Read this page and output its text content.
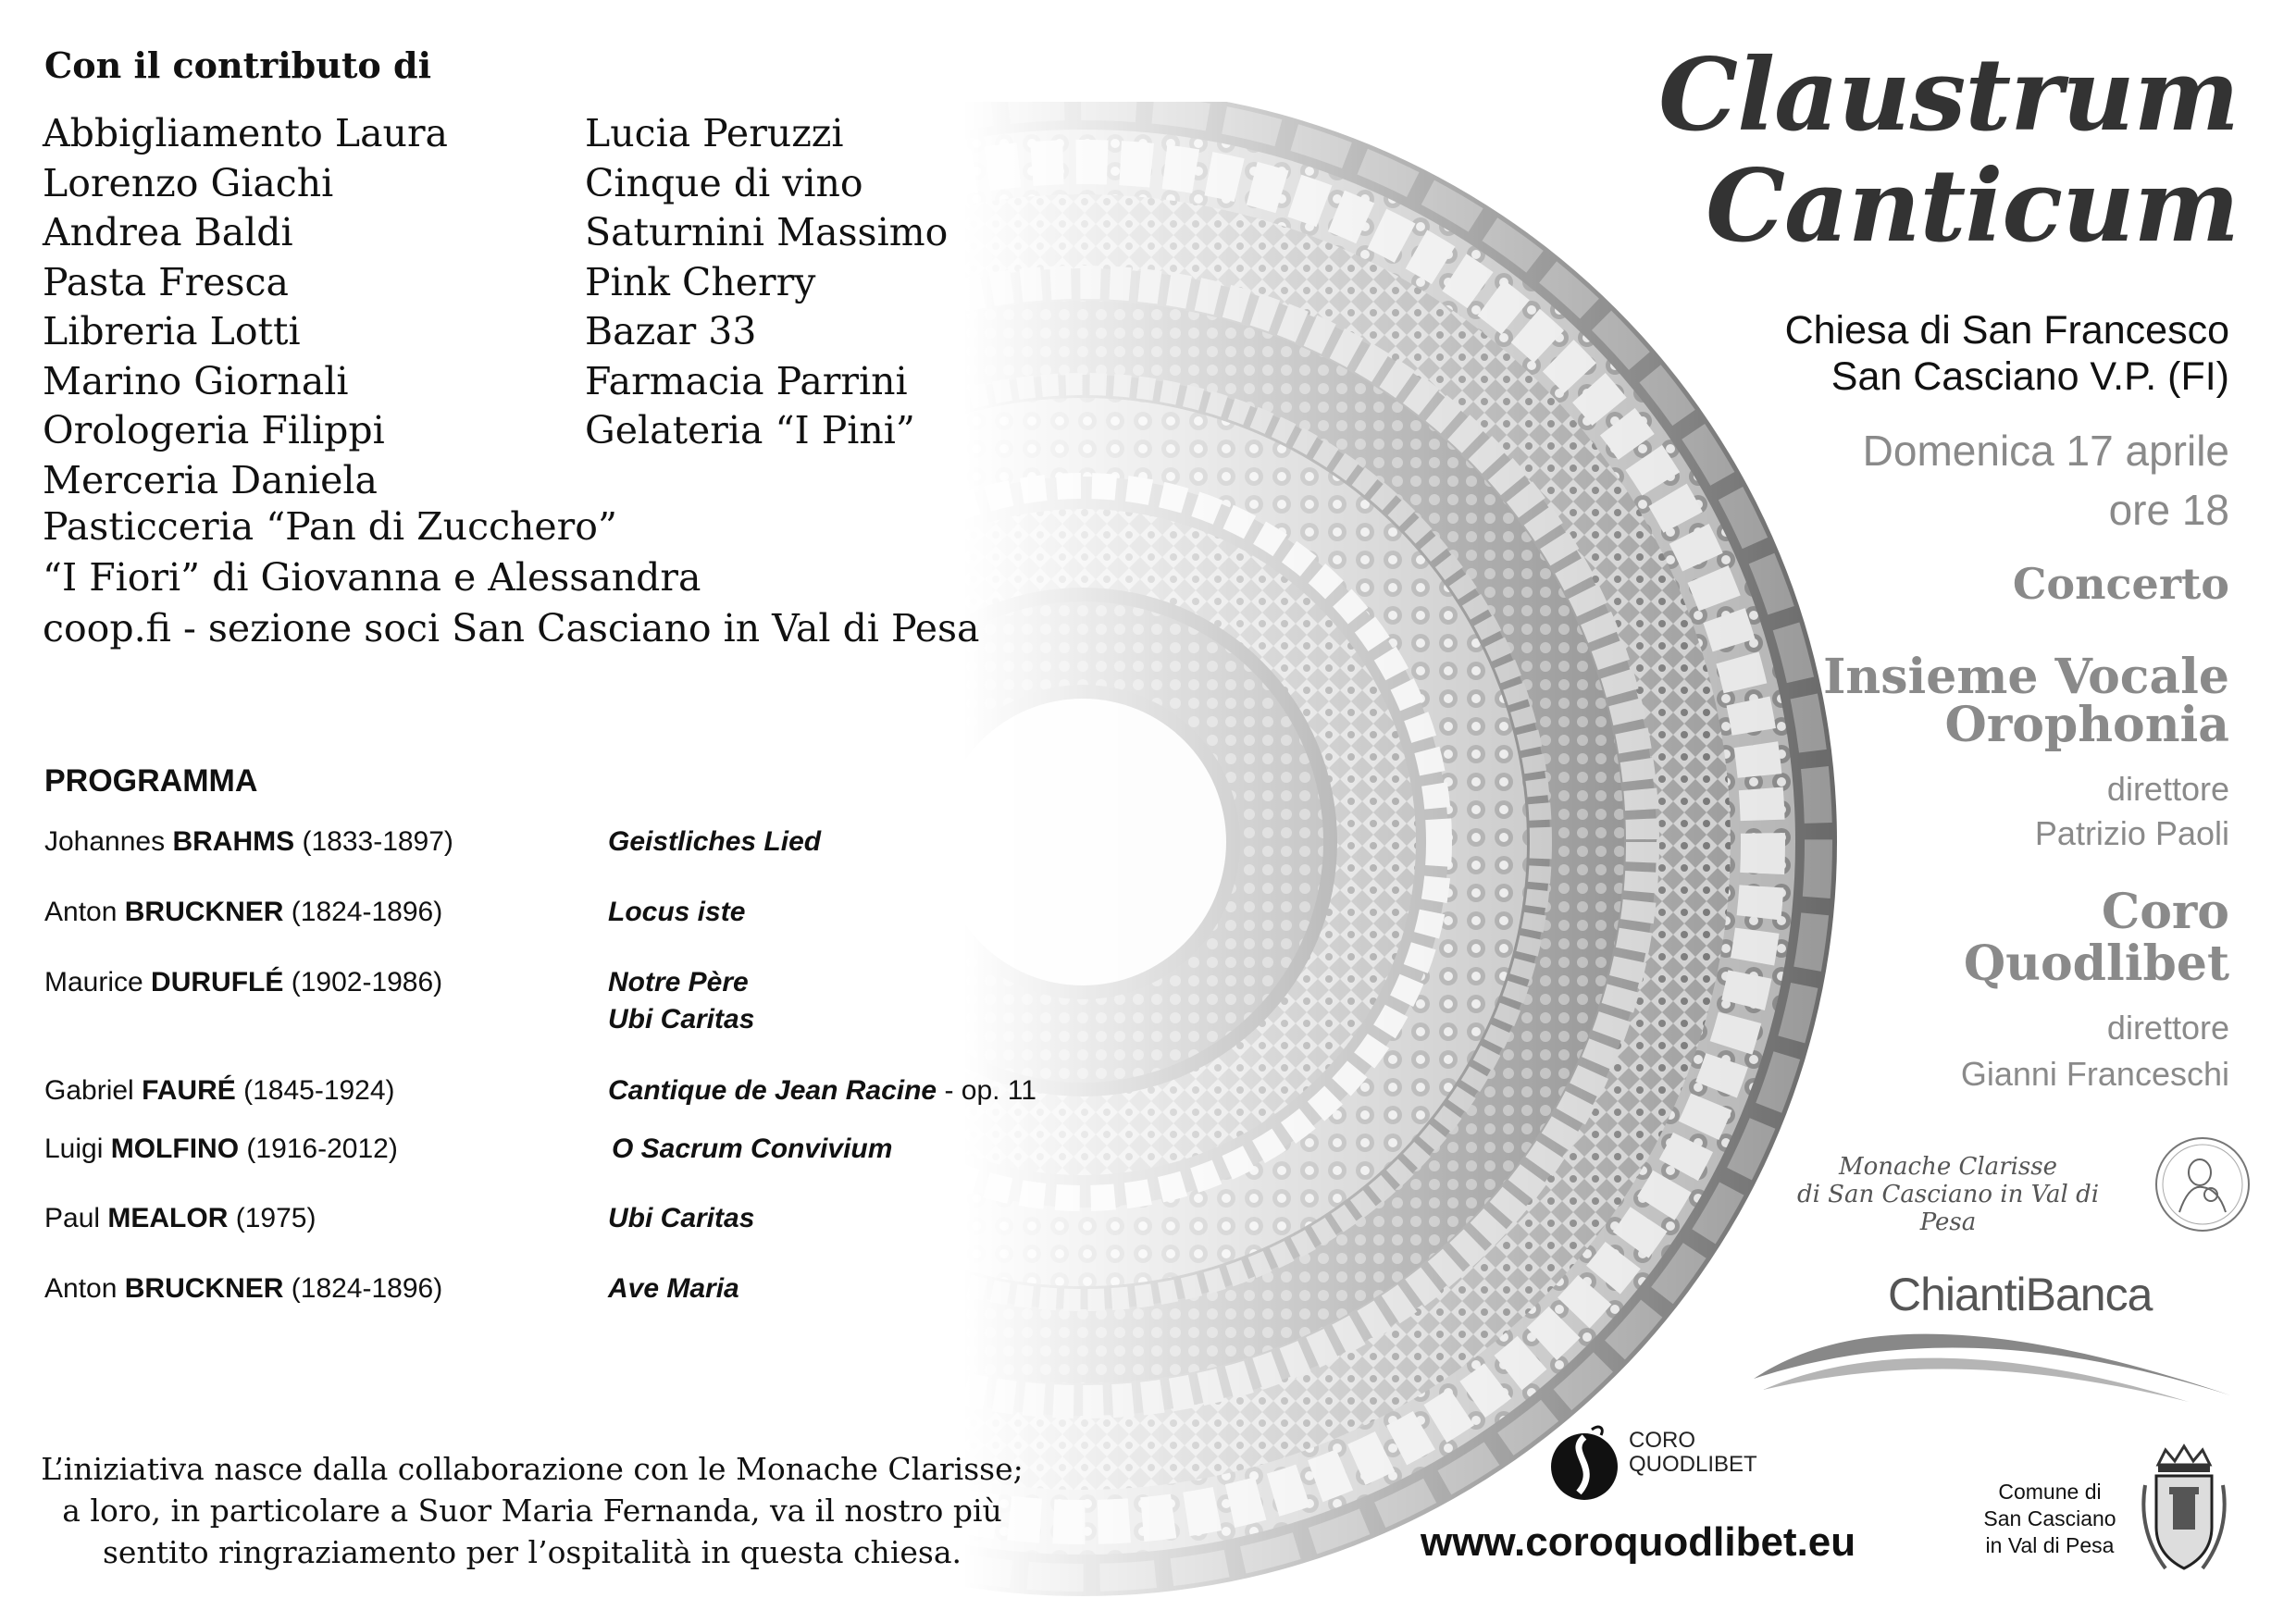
Con il contributo di
Abbigliamento Laura
Lorenzo Giachi
Andrea Baldi
Pasta Fresca
Libreria Lotti
Marino Giornali
Orologeria Filippi
Merceria Daniela
Lucia Peruzzi
Cinque di vino
Saturnini Massimo
Pink Cherry
Bazar 33
Farmacia Parrini
Gelateria “I Pini”
Pasticceria “Pan di Zucchero”
“I Fiori” di Giovanna e Alessandra
coop.fi - sezione soci San Casciano in Val di Pesa
PROGRAMMA
Johannes BRAHMS (1833-1897)	Geistliches Lied
Anton BRUCKNER (1824-1896)	Locus iste
Maurice DURUFLÉ (1902-1986)	Notre Père
Ubi Caritas
Gabriel FAURÉ (1845-1924)	Cantique de Jean Racine - op. 11
Luigi MOLFINO (1916-2012)	O Sacrum Convivium
Paul MEALOR (1975)	Ubi Caritas
Anton BRUCKNER (1824-1896)	Ave Maria
L’iniziativa nasce dalla collaborazione con le Monache Clarisse;
a loro, in particolare a Suor Maria Fernanda, va il nostro più
sentito ringraziamento per l’ospitalità in questa chiesa.
Claustrum
Canticum
Chiesa di San Francesco
San Casciano V.P. (FI)
Domenica 17 aprile
ore 18
Concerto
Insieme Vocale
Orophonia
direttore
Patrizio Paoli
Coro
Quodlibet
direttore
Gianni Franceschi
Monache Clarisse
di San Casciano in Val di Pesa
ChiantiBanca
CORO
QUODLIBET
www.coroquodlibet.eu
Comune di
San Casciano
in Val di Pesa
